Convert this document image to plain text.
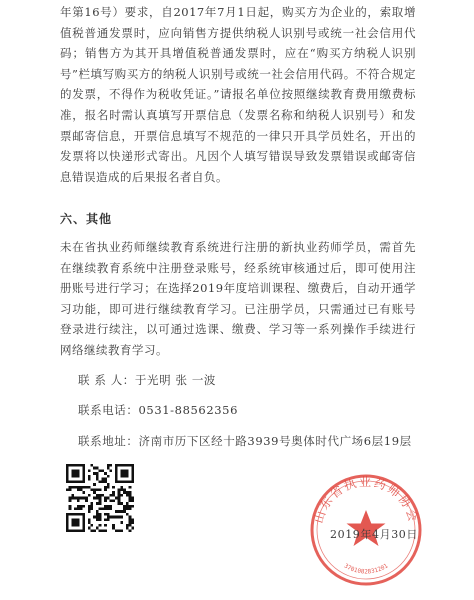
年第16号）要求，自2017年7月1日起，购买方为企业的，索取增值税普通发票时，应向销售方提供纳税人识别号或统一社会信用代码；销售方为其开具增值税普通发票时，应在“购买方纳税人识别号”栏填写购买方的纳税人识别号或统一社会信用代码。不符合规定的发票，不得作为税收凭证。”请报名单位按照继续教育费用缴费标准，报名时需认真填写开票信息（发票名称和纳税人识别号）和发票邮寄信息，开票信息填写不规范的一律只开具学员姓名，开出的发票将以快递形式寄出。凡因个人填写错误导致发票错误或邮寄信息错误造成的后果报名者自负。

六、其他

未在省执业药师继续教育系统进行注册的新执业药师学员，需首先在继续教育系统中注册登录账号，经系统审核通过后，即可使用注册账号进行学习；在选择2019年度培训课程、缴费后，自动开通学习功能，即可进行继续教育学习。已注册学员，只需通过已有账号登录进行续注，以可通过选课、缴费、学习等一系列操作手续进行网络继续教育学习。

联 系 人：于光明 张 一波

联系电话：0531-88562356

联系地址：济南市历下区经十路3939号奥体时代广场6层19层

山东省执业药师协会
3701082831201

2019年4月30日
